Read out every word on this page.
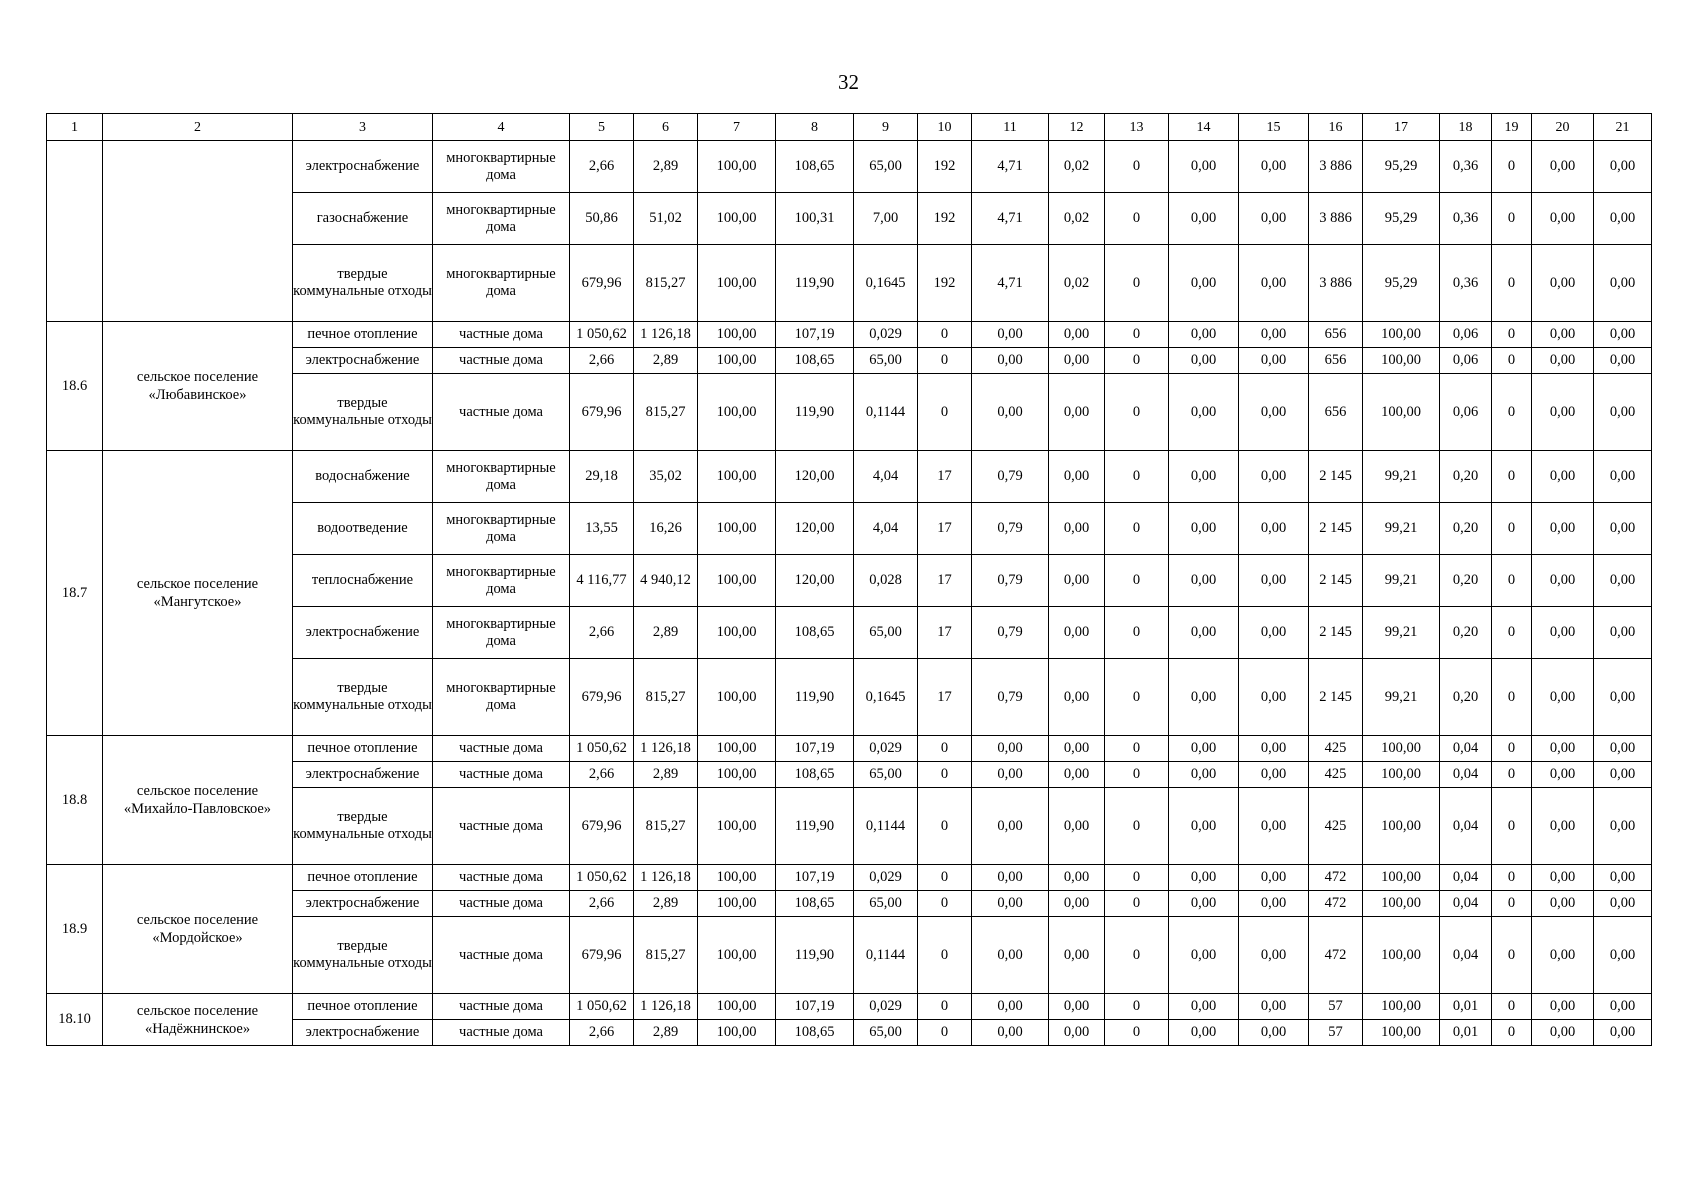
32
1	2	3	4	5	6	7	8	9	10	11	12	13	14	15	16	17	18	19	20	21
		электроснабжение	многоквартирные дома	2,66	2,89	100,00	108,65	65,00	192	4,71	0,02	0	0,00	0,00	3 886	95,29	0,36	0	0,00	0,00
		газоснабжение	многоквартирные дома	50,86	51,02	100,00	100,31	7,00	192	4,71	0,02	0	0,00	0,00	3 886	95,29	0,36	0	0,00	0,00
		твердые коммунальные отходы	многоквартирные дома	679,96	815,27	100,00	119,90	0,1645	192	4,71	0,02	0	0,00	0,00	3 886	95,29	0,36	0	0,00	0,00
18.6	сельское поселение «Любавинское»	печное отопление	частные дома	1 050,62	1 126,18	100,00	107,19	0,029	0	0,00	0,00	0	0,00	0,00	656	100,00	0,06	0	0,00	0,00
		электроснабжение	частные дома	2,66	2,89	100,00	108,65	65,00	0	0,00	0,00	0	0,00	0,00	656	100,00	0,06	0	0,00	0,00
		твердые коммунальные отходы	частные дома	679,96	815,27	100,00	119,90	0,1144	0	0,00	0,00	0	0,00	0,00	656	100,00	0,06	0	0,00	0,00
18.7	сельское поселение «Мангутское»	водоснабжение	многоквартирные дома	29,18	35,02	100,00	120,00	4,04	17	0,79	0,00	0	0,00	0,00	2 145	99,21	0,20	0	0,00	0,00
		водоотведение	многоквартирные дома	13,55	16,26	100,00	120,00	4,04	17	0,79	0,00	0	0,00	0,00	2 145	99,21	0,20	0	0,00	0,00
		теплоснабжение	многоквартирные дома	4 116,77	4 940,12	100,00	120,00	0,028	17	0,79	0,00	0	0,00	0,00	2 145	99,21	0,20	0	0,00	0,00
		электроснабжение	многоквартирные дома	2,66	2,89	100,00	108,65	65,00	17	0,79	0,00	0	0,00	0,00	2 145	99,21	0,20	0	0,00	0,00
		твердые коммунальные отходы	многоквартирные дома	679,96	815,27	100,00	119,90	0,1645	17	0,79	0,00	0	0,00	0,00	2 145	99,21	0,20	0	0,00	0,00
18.8	сельское поселение «Михайло-Павловское»	печное отопление	частные дома	1 050,62	1 126,18	100,00	107,19	0,029	0	0,00	0,00	0	0,00	0,00	425	100,00	0,04	0	0,00	0,00
		электроснабжение	частные дома	2,66	2,89	100,00	108,65	65,00	0	0,00	0,00	0	0,00	0,00	425	100,00	0,04	0	0,00	0,00
		твердые коммунальные отходы	частные дома	679,96	815,27	100,00	119,90	0,1144	0	0,00	0,00	0	0,00	0,00	425	100,00	0,04	0	0,00	0,00
18.9	сельское поселение «Мордойское»	печное отопление	частные дома	1 050,62	1 126,18	100,00	107,19	0,029	0	0,00	0,00	0	0,00	0,00	472	100,00	0,04	0	0,00	0,00
		электроснабжение	частные дома	2,66	2,89	100,00	108,65	65,00	0	0,00	0,00	0	0,00	0,00	472	100,00	0,04	0	0,00	0,00
		твердые коммунальные отходы	частные дома	679,96	815,27	100,00	119,90	0,1144	0	0,00	0,00	0	0,00	0,00	472	100,00	0,04	0	0,00	0,00
18.10	сельское поселение «Надёжнинское»	печное отопление	частные дома	1 050,62	1 126,18	100,00	107,19	0,029	0	0,00	0,00	0	0,00	0,00	57	100,00	0,01	0	0,00	0,00
		электроснабжение	частные дома	2,66	2,89	100,00	108,65	65,00	0	0,00	0,00	0	0,00	0,00	57	100,00	0,01	0	0,00	0,00
